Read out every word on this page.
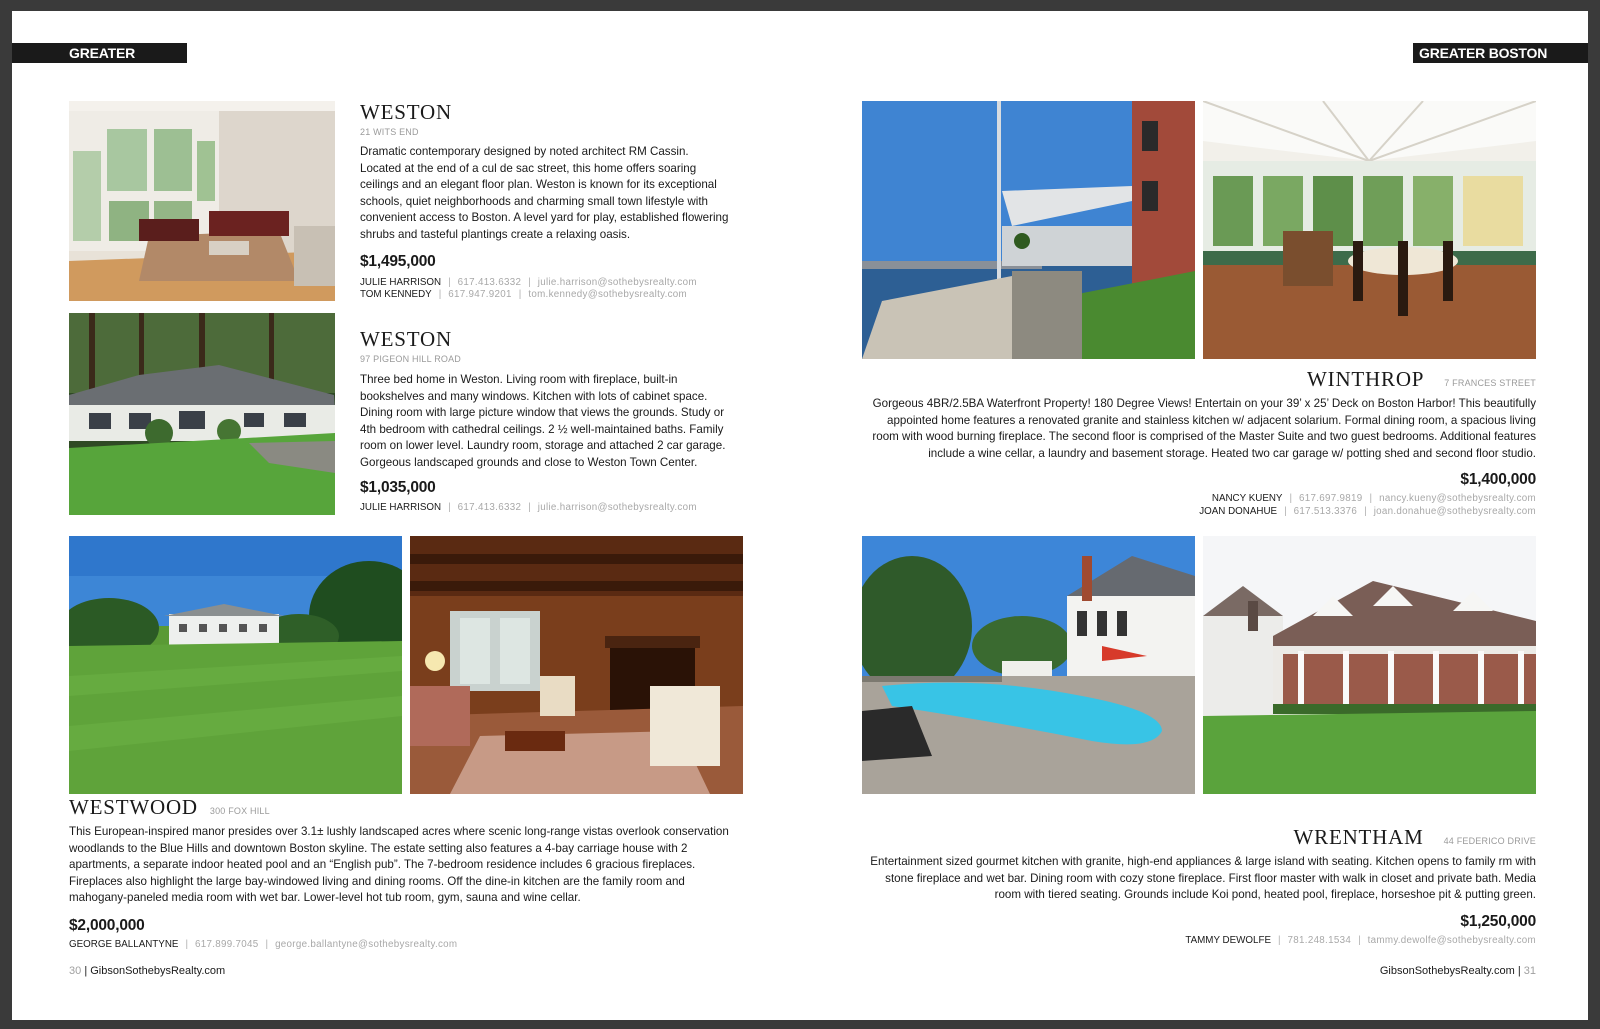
GREATER BOSTON
GREATER BOSTON
WESTON
21 WITS END
Dramatic contemporary designed by noted architect RM Cassin. Located at the end of a cul de sac street, this home offers soaring ceilings and an elegant floor plan. Weston is known for its exceptional schools, quiet neighborhoods and charming small town lifestyle with convenient access to Boston. A level yard for play, established flowering shrubs and tasteful plantings create a relaxing oasis.
$1,495,000
JULIE HARRISON | 617.413.6332 | julie.harrison@sothebysrealty.com
TOM KENNEDY | 617.947.9201 | tom.kennedy@sothebysrealty.com
WESTON
97 PIGEON HILL ROAD
Three bed home in Weston. Living room with fireplace, built-in bookshelves and many windows. Kitchen with lots of cabinet space. Dining room with large picture window that views the grounds. Study or 4th bedroom with cathedral ceilings. 2 ½ well-maintained baths. Family room on lower level. Laundry room, storage and attached 2 car garage. Gorgeous landscaped grounds and close to Weston Town Center.
$1,035,000
JULIE HARRISON | 617.413.6332 | julie.harrison@sothebysrealty.com
WESTWOOD 300 FOX HILL
This European-inspired manor presides over 3.1± lushly landscaped acres where scenic long-range vistas overlook conservation woodlands to the Blue Hills and downtown Boston skyline. The estate setting also features a 4-bay carriage house with 2 apartments, a separate indoor heated pool and an “English pub”. The 7-bedroom residence includes 6 gracious fireplaces. Fireplaces also highlight the large bay-windowed living and dining rooms. Off the dine-in kitchen are the family room and mahogany-paneled media room with wet bar. Lower-level hot tub room, gym, sauna and wine cellar.
$2,000,000
GEORGE BALLANTYNE | 617.899.7045 | george.ballantyne@sothebysrealty.com
30 | GibsonSothebysRealty.com
WINTHROP 7 FRANCES STREET
Gorgeous 4BR/2.5BA Waterfront Property! 180 Degree Views! Entertain on your 39’ x 25’ Deck on Boston Harbor! This beautifully appointed home features a renovated granite and stainless kitchen w/ adjacent solarium. Formal dining room, a spacious living room with wood burning fireplace. The second floor is comprised of the Master Suite and two guest bedrooms. Additional features include a wine cellar, a laundry and basement storage. Heated two car garage w/ potting shed and second floor studio.
$1,400,000
NANCY KUENY | 617.697.9819 | nancy.kueny@sothebysrealty.com
JOAN DONAHUE | 617.513.3376 | joan.donahue@sothebysrealty.com
WRENTHAM 44 FEDERICO DRIVE
Entertainment sized gourmet kitchen with granite, high-end appliances & large island with seating. Kitchen opens to family rm with stone fireplace and wet bar. Dining room with cozy stone fireplace. First floor master with walk in closet and private bath. Media room with tiered seating. Grounds include Koi pond, heated pool, fireplace, horseshoe pit & putting green.
$1,250,000
TAMMY DEWOLFE | 781.248.1534 | tammy.dewolfe@sothebysrealty.com
GibsonSothebysRealty.com | 31
